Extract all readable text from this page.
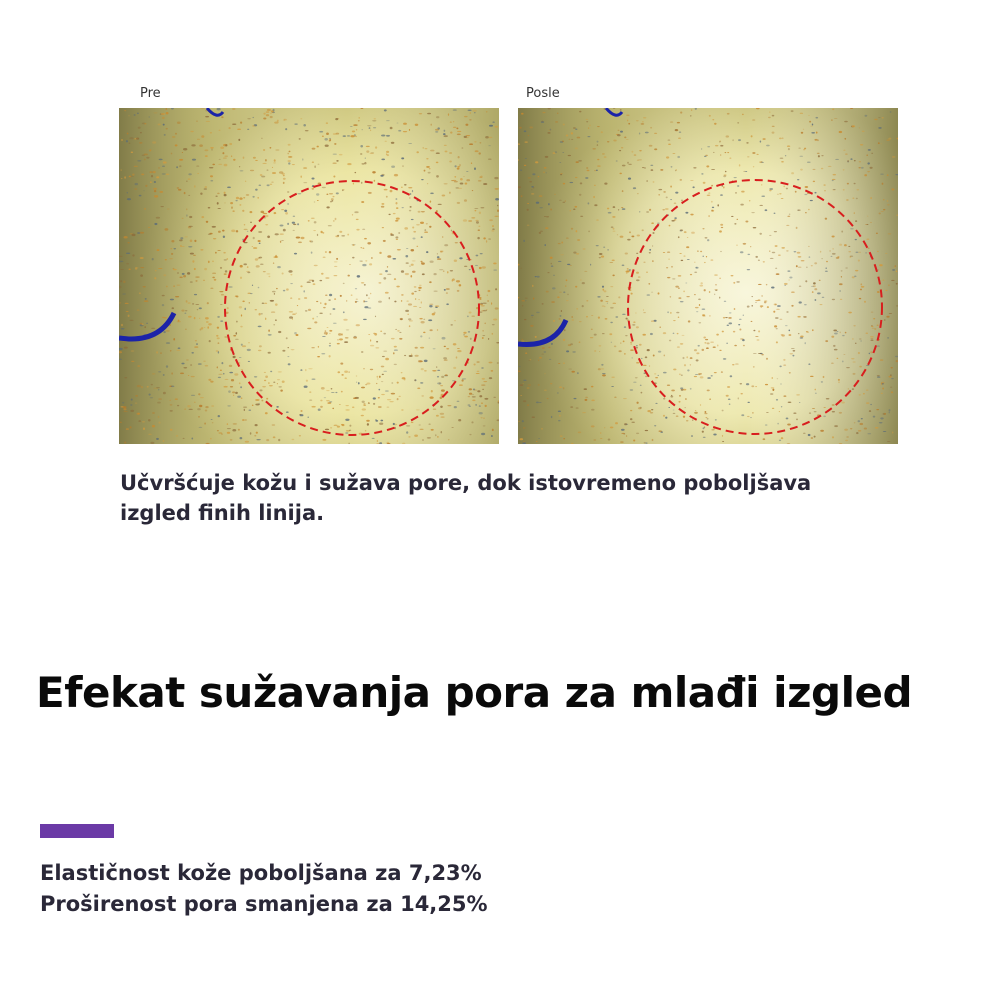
Pre	Posle
Učvršćuje kožu i sužava pore, dok istovremeno poboljšava izgled finih linija.
Efekat sužavanja pora za mlađi izgled
Elastičnost kože poboljšana za 7,23%
Proširenost pora smanjena za 14,25%
